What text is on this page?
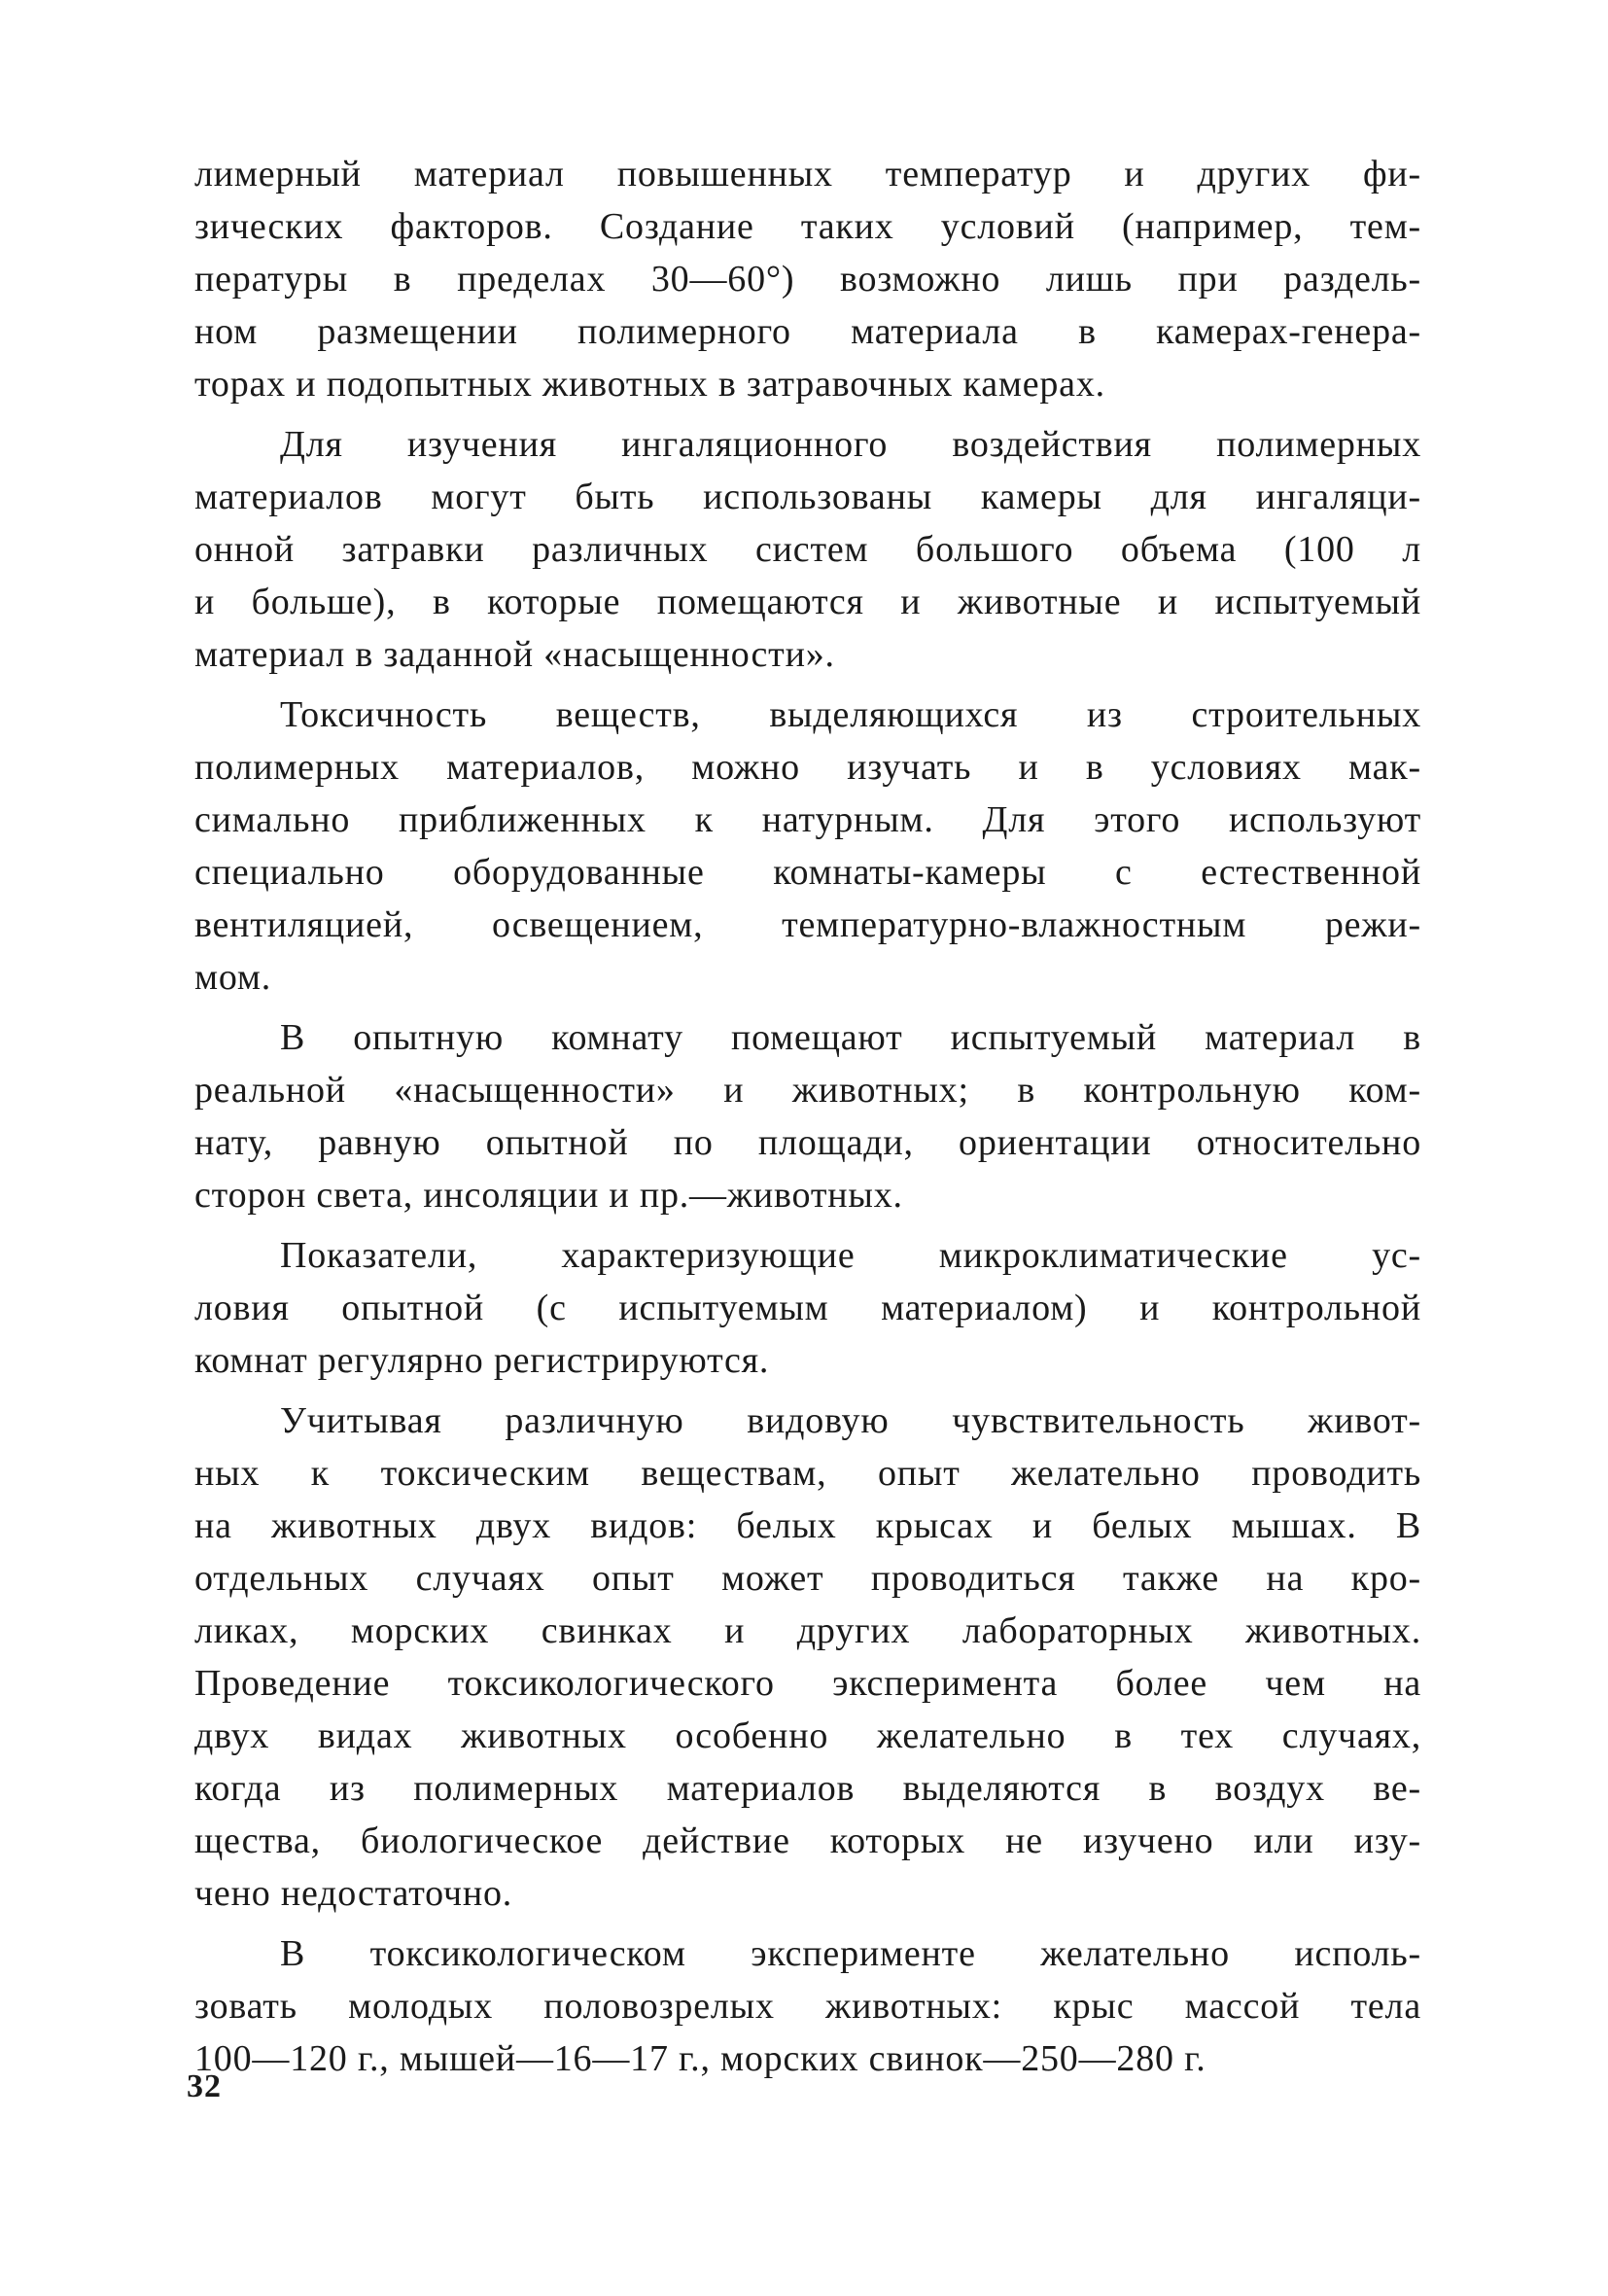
лимерный материал повышенных температур и других фи-
зических факторов. Создание таких условий (например, тем-
пературы в пределах 30—60°) возможно лишь при раздель-
ном размещении полимерного материала в камерах-генера-
торах и подопытных животных в затравочных камерах.
Для изучения ингаляционного воздействия полимерных
материалов могут быть использованы камеры для ингаляци-
онной затравки различных систем большого объема (100 л
и больше), в которые помещаются и животные и испытуемый
материал в заданной «насыщенности».
Токсичность веществ, выделяющихся из строительных
полимерных материалов, можно изучать и в условиях мак-
симально приближенных к натурным. Для этого используют
специально оборудованные комнаты-камеры с естественной
вентиляцией, освещением, температурно-влажностным режи-
мом.
В опытную комнату помещают испытуемый материал в
реальной «насыщенности» и животных; в контрольную ком-
нату, равную опытной по площади, ориентации относительно
сторон света, инсоляции и пр.—животных.
Показатели, характеризующие микроклиматические ус-
ловия опытной (с испытуемым материалом) и контрольной
комнат регулярно регистрируются.
Учитывая различную видовую чувствительность живот-
ных к токсическим веществам, опыт желательно проводить
на животных двух видов: белых крысах и белых мышах. В
отдельных случаях опыт может проводиться также на кро-
ликах, морских свинках и других лабораторных животных.
Проведение токсикологического эксперимента более чем на
двух видах животных особенно желательно в тех случаях,
когда из полимерных материалов выделяются в воздух ве-
щества, биологическое действие которых не изучено или изу-
чено недостаточно.
В токсикологическом эксперименте желательно исполь-
зовать молодых половозрелых животных: крыс массой тела
100—120 г., мышей—16—17 г., морских свинок—250—280 г.
32
